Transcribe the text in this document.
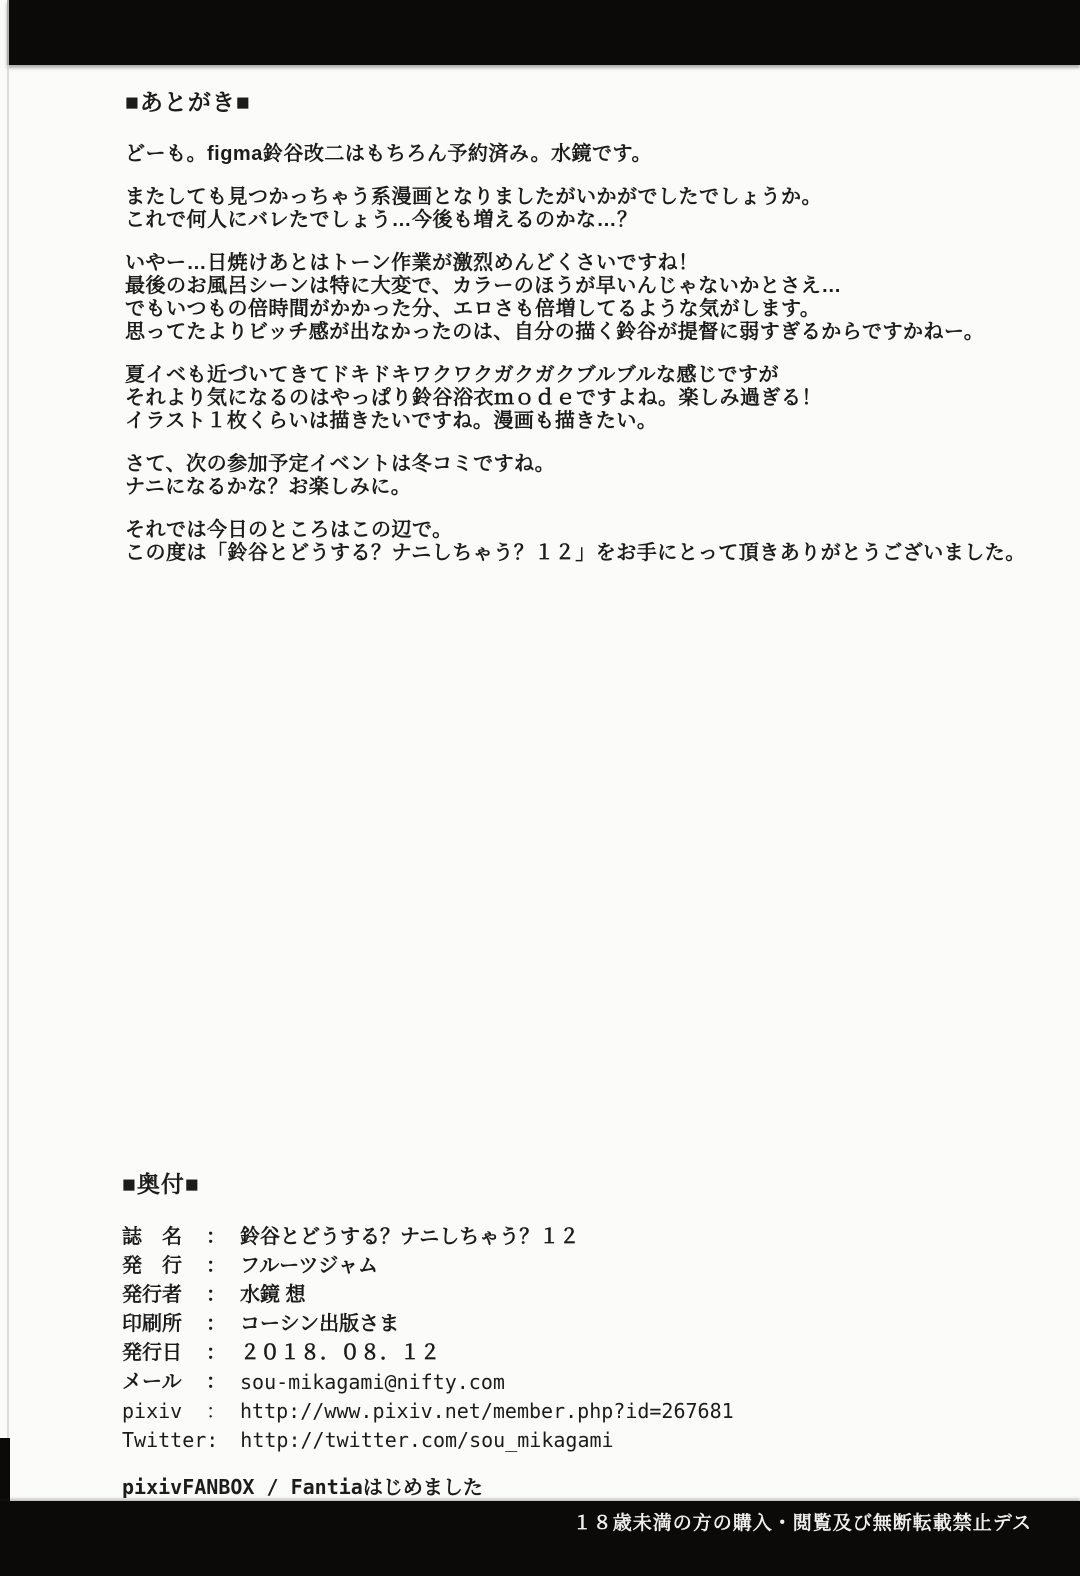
■あとがき■
どーも。figma鈴谷改二はもちろん予約済み。水鏡です。
またしても見つかっちゃう系漫画となりましたがいかがでしたでしょうか。
これで何人にバレたでしょう…今後も増えるのかな…？
いやー…日焼けあとはトーン作業が激烈めんどくさいですね！
最後のお風呂シーンは特に大変で、カラーのほうが早いんじゃないかとさえ…
でもいつもの倍時間がかかった分、エロさも倍増してるような気がします。
思ってたよりビッチ感が出なかったのは、自分の描く鈴谷が提督に弱すぎるからですかねー。
夏イベも近づいてきてドキドキワクワクガクガクブルブルな感じですが
それより気になるのはやっぱり鈴谷浴衣ｍｏｄｅですよね。楽しみ過ぎる！
イラスト１枚くらいは描きたいですね。漫画も描きたい。
さて、次の参加予定イベントは冬コミですね。
ナニになるかな？お楽しみに。
それでは今日のところはこの辺で。
この度は「鈴谷とどうする？ナニしちゃう？１２」をお手にとって頂きありがとうございました。
■奥付■
誌　名	： 鈴谷とどうする？ナニしちゃう？１２
発　行	： フルーツジャム
発行者	： 水鏡 想
印刷所	： コーシン出版さま
発行日	： ２０１８．０８．１２
メール	： sou-mikagami@nifty.com
pixiv	： http://www.pixiv.net/member.php?id=267681
Twitter :	http://twitter.com/sou_mikagami
pixivFANBOX / Fantiaはじめました
１８歳未満の方の購入・閲覧及び無断転載禁止デス
